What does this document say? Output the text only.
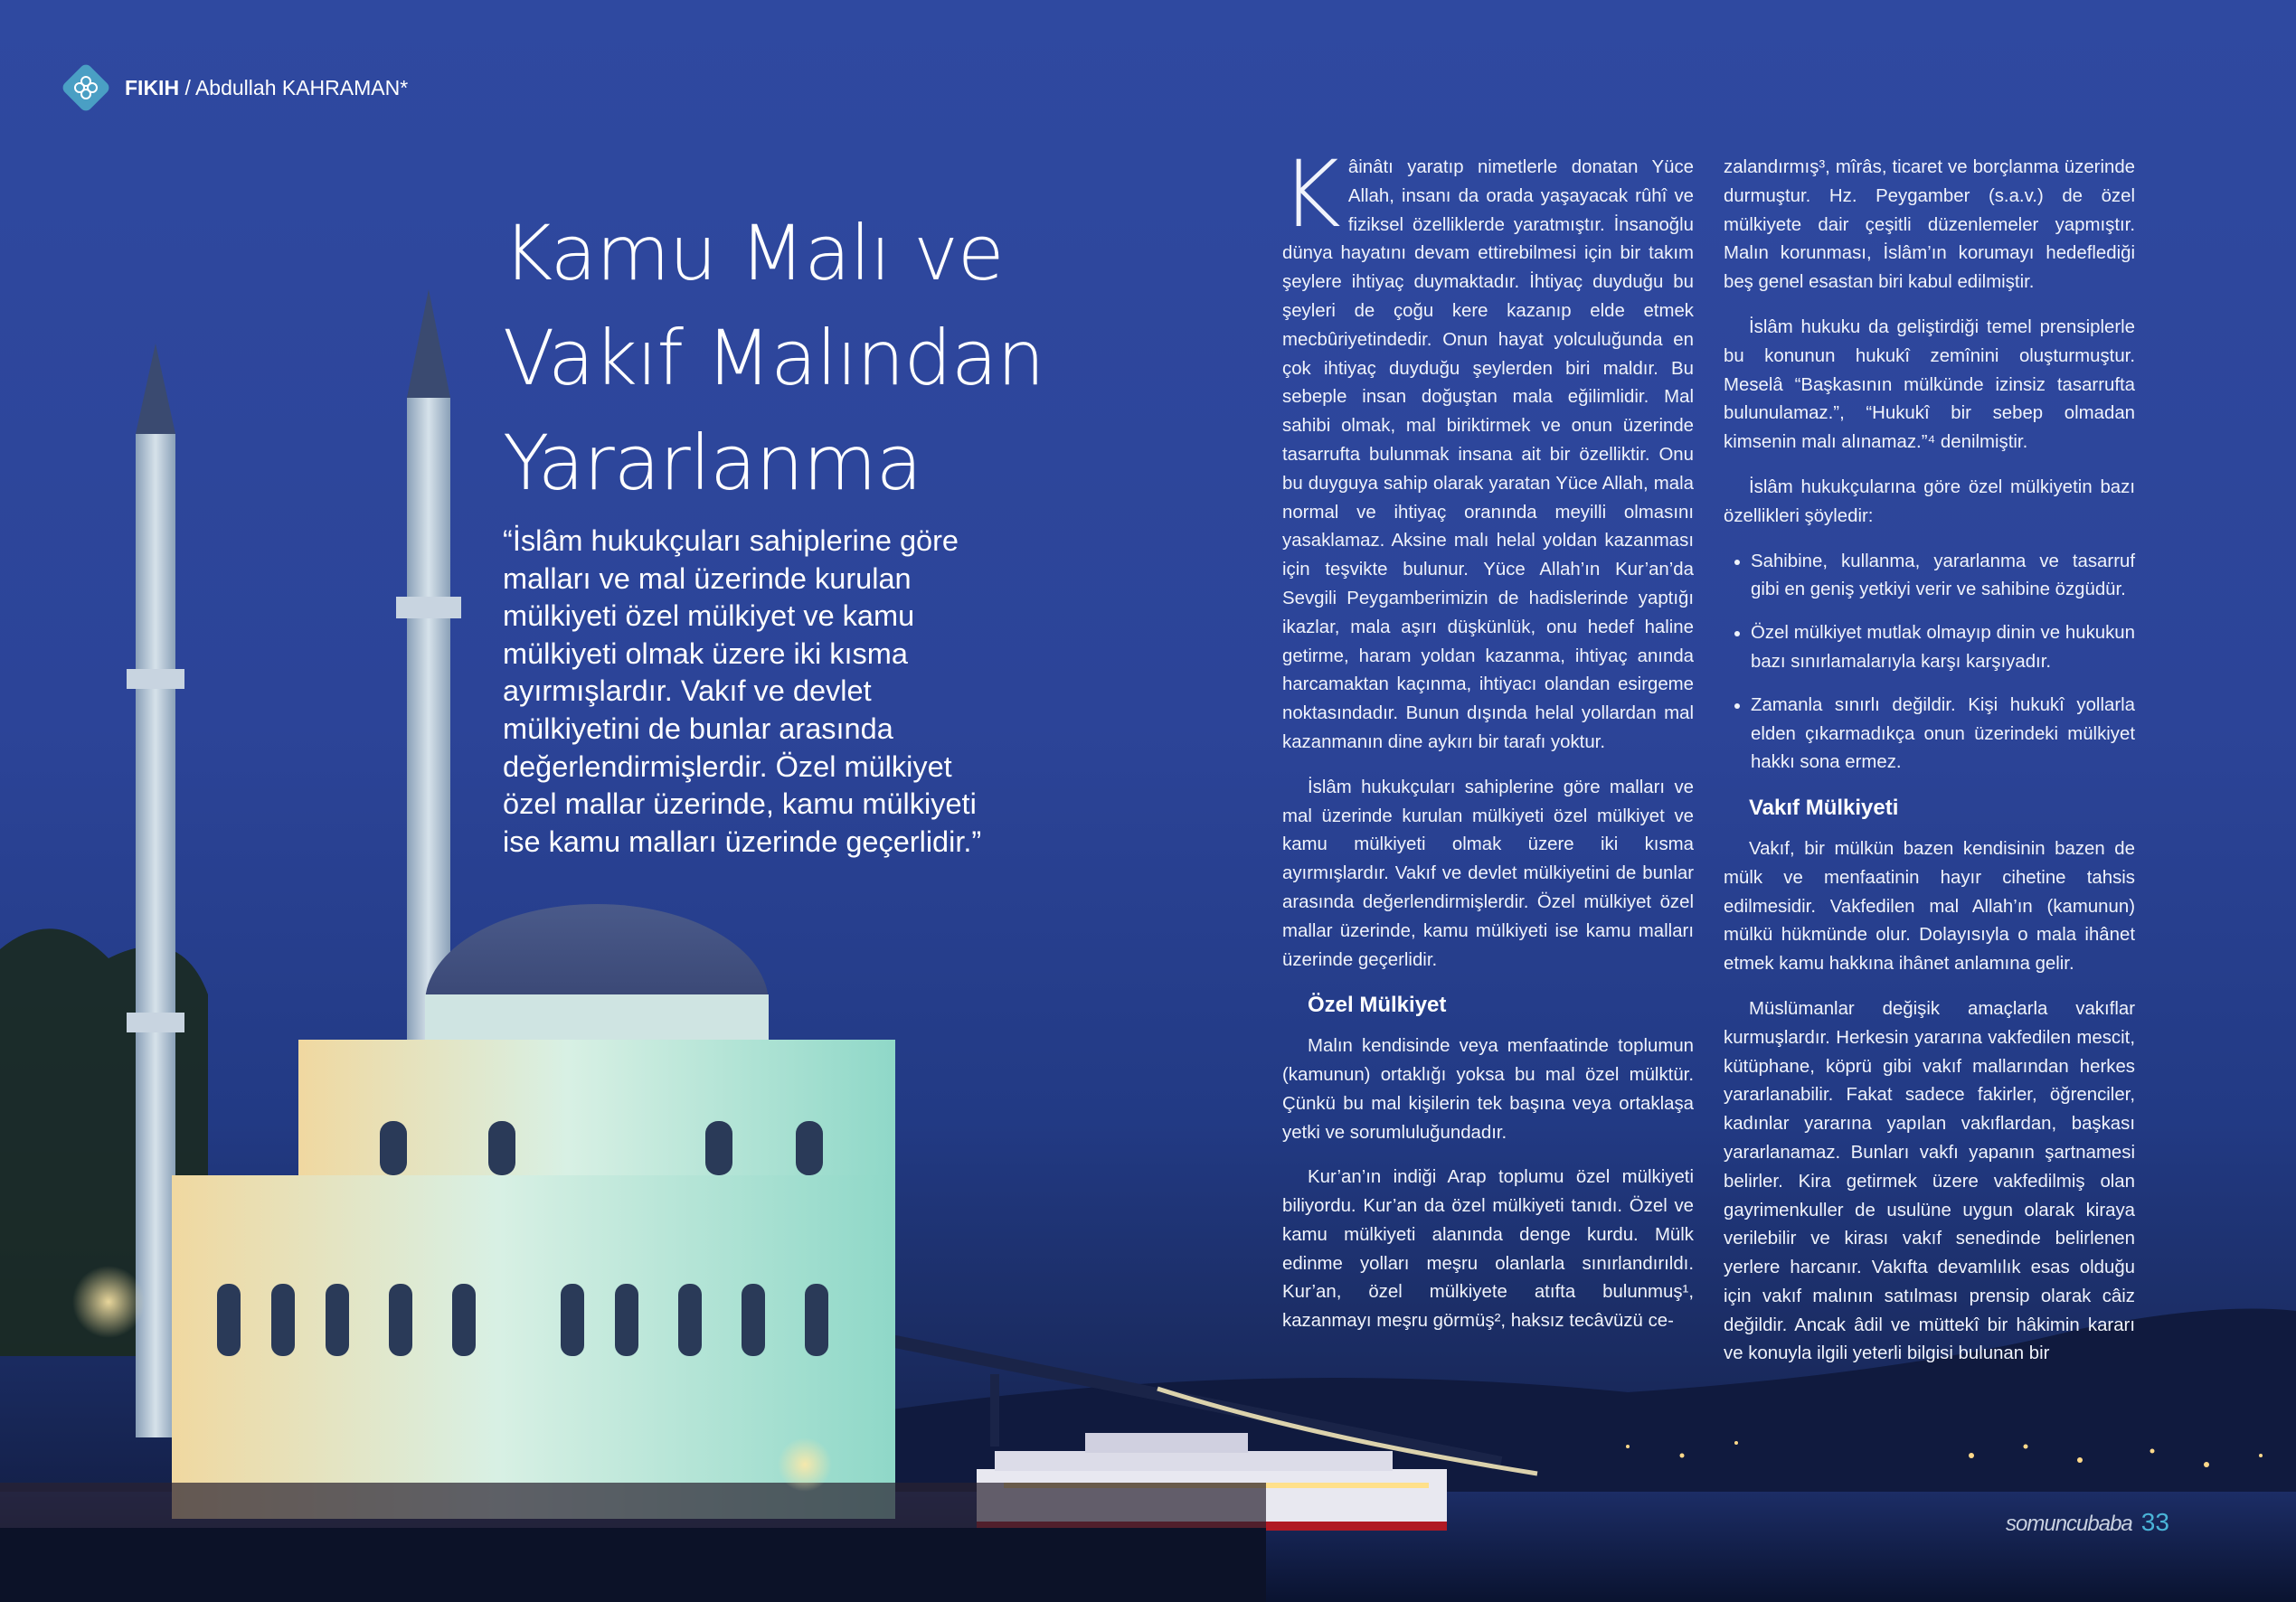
FIKIH / Abdullah KAHRAMAN*
Kamu Malı ve
Vakıf Malından
Yararlanma

“İslâm hukukçuları sahiplerine göre malları ve mal üzerinde kurulan mülkiyeti özel mülkiyet ve kamu mülkiyeti olmak üzere iki kısma ayırmışlardır. Vakıf ve devlet mülkiyetini de bunlar arasında değerlendirmişlerdir. Özel mülkiyet özel mallar üzerinde, kamu mülkiyeti ise kamu malları üzerinde geçerlidir.”

Kâinâtı yaratıp nimetlerle donatan Yüce Allah, insanı da orada yaşayacak rûhî ve fiziksel özelliklerde yaratmıştır. İnsanoğlu dünya hayatını devam ettirebilmesi için bir takım şeylere ihtiyaç duymaktadır. İhtiyaç duyduğu bu şeyleri de çoğu kere kazanıp elde etmek mecbûriyetindedir. Onun hayat yolculuğunda en çok ihtiyaç duyduğu şeylerden biri maldır. Bu sebeple insan doğuştan mala eğilimlidir. Mal sahibi olmak, mal biriktirmek ve onun üzerinde tasarrufta bulunmak insana ait bir özelliktir. Onu bu duyguya sahip olarak yaratan Yüce Allah, mala normal ve ihtiyaç oranında meyilli olmasını yasaklamaz. Aksine malı helal yoldan kazanması için teşvikte bulunur. Yüce Allah’ın Kur’an’da Sevgili Peygamberimizin de hadislerinde yaptığı ikazlar, mala aşırı düşkünlük, onu hedef haline getirme, haram yoldan kazanma, ihtiyaç anında harcamaktan kaçınma, ihtiyacı olandan esirgeme noktasındadır. Bunun dışında helal yollardan mal kazanmanın dine aykırı bir tarafı yoktur.

İslâm hukukçuları sahiplerine göre malları ve mal üzerinde kurulan mülkiyeti özel mülkiyet ve kamu mülkiyeti olmak üzere iki kısma ayırmışlardır. Vakıf ve devlet mülkiyetini de bunlar arasında değerlendirmişlerdir. Özel mülkiyet özel mallar üzerinde, kamu mülkiyeti ise kamu malları üzerinde geçerlidir.

Özel Mülkiyet

Malın kendisinde veya menfaatinde toplumun (kamunun) ortaklığı yoksa bu mal özel mülktür. Çünkü bu mal kişilerin tek başına veya ortaklaşa yetki ve sorumluluğundadır.

Kur’an’ın indiği Arap toplumu özel mülkiyeti biliyordu. Kur’an da özel mülkiyeti tanıdı. Özel ve kamu mülkiyeti alanında denge kurdu. Mülk edinme yolları meşru olanlarla sınırlandırıldı. Kur’an, özel mülkiyete atıfta bulunmuş¹, kazanmayı meşru görmüş², haksız tecâvüzü ce-

zalandırmış³, mîrâs, ticaret ve borçlanma üzerinde durmuştur. Hz. Peygamber (s.a.v.) de özel mülkiyete dair çeşitli düzenlemeler yapmıştır. Malın korunması, İslâm’ın korumayı hedeflediği beş genel esastan biri kabul edilmiştir.

İslâm hukuku da geliştirdiği temel prensiplerle bu konunun hukukî zemînini oluşturmuştur. Meselâ “Başkasının mülkünde izinsiz tasarrufta bulunulamaz.”, “Hukukî bir sebep olmadan kimsenin malı alınamaz.”⁴ denilmiştir.

İslâm hukukçularına göre özel mülkiyetin bazı özellikleri şöyledir:

• Sahibine, kullanma, yararlanma ve tasarruf gibi en geniş yetkiyi verir ve sahibine özgüdür.
• Özel mülkiyet mutlak olmayıp dinin ve hukukun bazı sınırlamalarıyla karşı karşıyadır.
• Zamanla sınırlı değildir. Kişi hukukî yollarla elden çıkarmadıkça onun üzerindeki mülkiyet hakkı sona ermez.
Vakıf Mülkiyeti

Vakıf, bir mülkün bazen kendisinin bazen de mülk ve menfaatinin hayır cihetine tahsis edilmesidir. Vakfedilen mal Allah’ın (kamunun) mülkü hükmünde olur. Dolayısıyla o mala ihânet etmek kamu hakkına ihânet anlamına gelir.

Müslümanlar değişik amaçlarla vakıflar kurmuşlardır. Herkesin yararına vakfedilen mescit, kütüphane, köprü gibi vakıf mallarından herkes yararlanabilir. Fakat sadece fakirler, öğrenciler, kadınlar yararına yapılan vakıflardan, başkası yararlanamaz. Bunları vakfı yapanın şartnamesi belirler. Kira getirmek üzere vakfedilmiş olan gayrimenkuller de usulüne uygun olarak kiraya verilebilir ve kirası vakıf senedinde belirlenen yerlere harcanır. Vakıfta devamlılık esas olduğu için vakıf malının satılması prensip olarak câiz değildir. Ancak âdil ve müttekî bir hâkimin kararı ve konuyla ilgili yeterli bilgisi bulunan bir

somuncubaba 33
